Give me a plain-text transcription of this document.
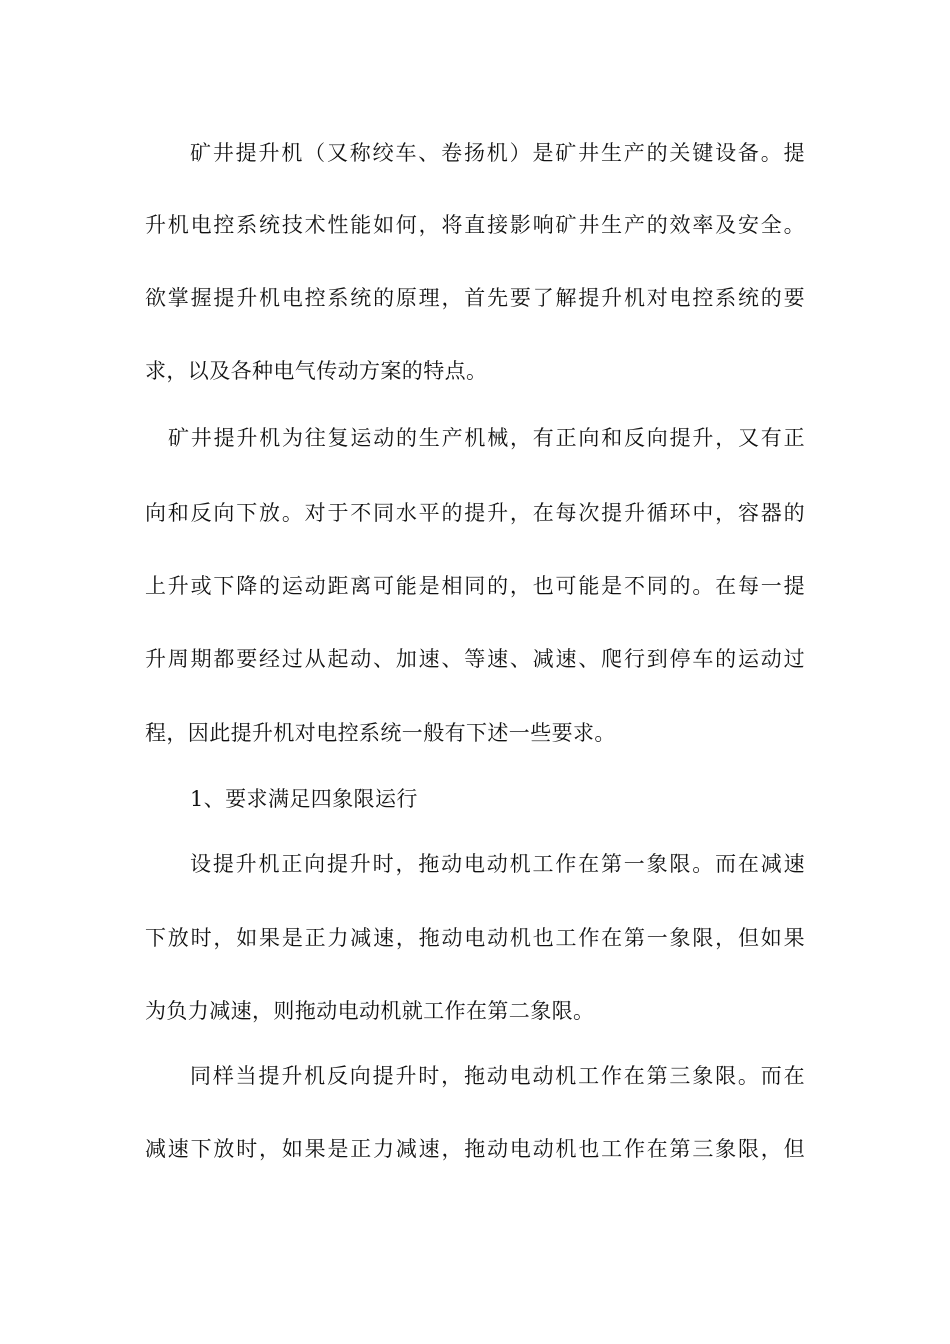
矿井提升机（又称绞车、卷扬机）是矿井生产的关键设备。提
升机电控系统技术性能如何，将直接影响矿井生产的效率及安全。
欲掌握提升机电控系统的原理，首先要了解提升机对电控系统的要
求，以及各种电气传动方案的特点。
矿井提升机为往复运动的生产机械，有正向和反向提升，又有正
向和反向下放。对于不同水平的提升，在每次提升循环中，容器的
上升或下降的运动距离可能是相同的，也可能是不同的。在每一提
升周期都要经过从起动、加速、等速、减速、爬行到停车的运动过
程，因此提升机对电控系统一般有下述一些要求。
1、要求满足四象限运行
设提升机正向提升时，拖动电动机工作在第一象限。而在减速
下放时，如果是正力减速，拖动电动机也工作在第一象限，但如果
为负力减速，则拖动电动机就工作在第二象限。
同样当提升机反向提升时，拖动电动机工作在第三象限。而在
减速下放时，如果是正力减速，拖动电动机也工作在第三象限，但
